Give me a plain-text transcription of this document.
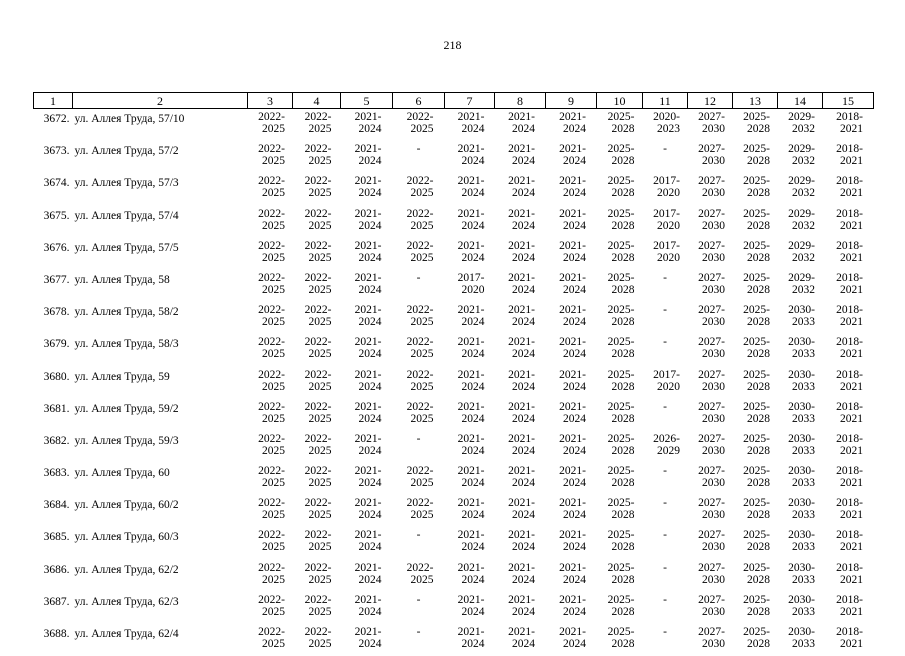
218
1	2	3	4	5	6	7	8	9	10	11	12	13	14	15
3672.	ул. Аллея Труда, 57/10	2022-2025	2022-2025	2021-2024	2022-2025	2021-2024	2021-2024	2021-2024	2025-2028	2020-2023	2027-2030	2025-2028	2029-2032	2018-2021
3673.	ул. Аллея Труда, 57/2	2022-2025	2022-2025	2021-2024	-	2021-2024	2021-2024	2021-2024	2025-2028	-	2027-2030	2025-2028	2029-2032	2018-2021
3674.	ул. Аллея Труда, 57/3	2022-2025	2022-2025	2021-2024	2022-2025	2021-2024	2021-2024	2021-2024	2025-2028	2017-2020	2027-2030	2025-2028	2029-2032	2018-2021
3675.	ул. Аллея Труда, 57/4	2022-2025	2022-2025	2021-2024	2022-2025	2021-2024	2021-2024	2021-2024	2025-2028	2017-2020	2027-2030	2025-2028	2029-2032	2018-2021
3676.	ул. Аллея Труда, 57/5	2022-2025	2022-2025	2021-2024	2022-2025	2021-2024	2021-2024	2021-2024	2025-2028	2017-2020	2027-2030	2025-2028	2029-2032	2018-2021
3677.	ул. Аллея Труда, 58	2022-2025	2022-2025	2021-2024	-	2017-2020	2021-2024	2021-2024	2025-2028	-	2027-2030	2025-2028	2029-2032	2018-2021
3678.	ул. Аллея Труда, 58/2	2022-2025	2022-2025	2021-2024	2022-2025	2021-2024	2021-2024	2021-2024	2025-2028	-	2027-2030	2025-2028	2030-2033	2018-2021
3679.	ул. Аллея Труда, 58/3	2022-2025	2022-2025	2021-2024	2022-2025	2021-2024	2021-2024	2021-2024	2025-2028	-	2027-2030	2025-2028	2030-2033	2018-2021
3680.	ул. Аллея Труда, 59	2022-2025	2022-2025	2021-2024	2022-2025	2021-2024	2021-2024	2021-2024	2025-2028	2017-2020	2027-2030	2025-2028	2030-2033	2018-2021
3681.	ул. Аллея Труда, 59/2	2022-2025	2022-2025	2021-2024	2022-2025	2021-2024	2021-2024	2021-2024	2025-2028	-	2027-2030	2025-2028	2030-2033	2018-2021
3682.	ул. Аллея Труда, 59/3	2022-2025	2022-2025	2021-2024	-	2021-2024	2021-2024	2021-2024	2025-2028	2026-2029	2027-2030	2025-2028	2030-2033	2018-2021
3683.	ул. Аллея Труда, 60	2022-2025	2022-2025	2021-2024	2022-2025	2021-2024	2021-2024	2021-2024	2025-2028	-	2027-2030	2025-2028	2030-2033	2018-2021
3684.	ул. Аллея Труда, 60/2	2022-2025	2022-2025	2021-2024	2022-2025	2021-2024	2021-2024	2021-2024	2025-2028	-	2027-2030	2025-2028	2030-2033	2018-2021
3685.	ул. Аллея Труда, 60/3	2022-2025	2022-2025	2021-2024	-	2021-2024	2021-2024	2021-2024	2025-2028	-	2027-2030	2025-2028	2030-2033	2018-2021
3686.	ул. Аллея Труда, 62/2	2022-2025	2022-2025	2021-2024	2022-2025	2021-2024	2021-2024	2021-2024	2025-2028	-	2027-2030	2025-2028	2030-2033	2018-2021
3687.	ул. Аллея Труда, 62/3	2022-2025	2022-2025	2021-2024	-	2021-2024	2021-2024	2021-2024	2025-2028	-	2027-2030	2025-2028	2030-2033	2018-2021
3688.	ул. Аллея Труда, 62/4	2022-2025	2022-2025	2021-2024	-	2021-2024	2021-2024	2021-2024	2025-2028	-	2027-2030	2025-2028	2030-2033	2018-2021
